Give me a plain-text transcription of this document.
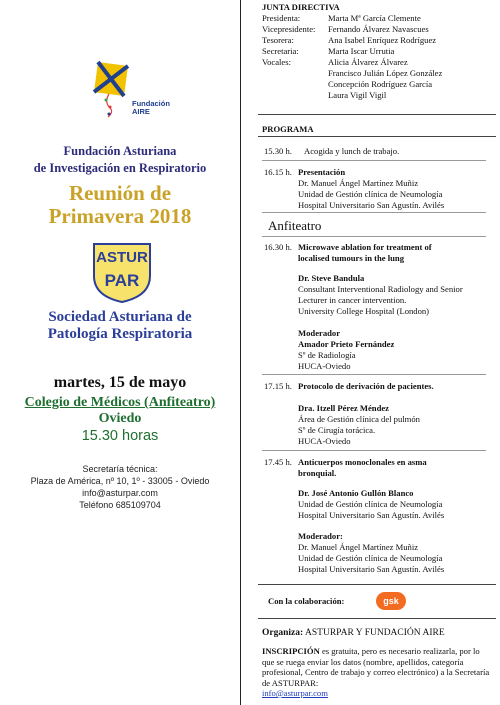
Fundación
AIRE
Fundación Asturiana
de Investigación en Respiratorio
Reunión de
Primavera 2018
ASTUR
PAR
Sociedad Asturiana de
Patología Respiratoria
martes, 15 de mayo
Colegio de Médicos (Anfiteatro)
Oviedo
15.30 horas
Secretaría técnica:
Plaza de América, nº 10, 1º - 33005 - Oviedo
info@asturpar.com
Teléfono 685109704
JUNTA DIRECTIVA
Presidenta:	Marta Mª García Clemente
Vicepresidente: Fernando Álvarez Navascues
Tesorera:	Ana Isabel Enríquez Rodríguez
Secretaria:	Marta Iscar Urrutia
Vocales:	Alicia Álvarez Álvarez
Francisco Julián López González
Concepción Rodríguez García
Laura Vigil Vigil
PROGRAMA
15.30 h. Acogida y lunch de trabajo.
16.15 h. Presentación
Dr. Manuel Ángel Martínez Muñiz
Unidad de Gestión clínica de Neumología
Hospital Universitario San Agustín. Avilés
Anfiteatro
16.30 h. Microwave ablation for treatment of
localised tumours in the lung
Dr. Steve Bandula
Consultant Interventional Radiology and Senior
Lecturer in cancer intervention.
University College Hospital (London)
Moderador
Amador Prieto Fernández
Sº de Radiología
HUCA-Oviedo
17.15 h. Protocolo de derivación de pacientes.
Dra. Itzell Pérez Méndez
Área de Gestión clínica del pulmón
Sº de Cirugía torácica.
HUCA-Oviedo
17.45 h. Anticuerpos monoclonales en asma
bronquial.
Dr. José Antonio Gullón Blanco
Unidad de Gestión clínica de Neumología
Hospital Universitario San Agustín. Avilés
Moderador:
Dr. Manuel Ángel Martínez Muñiz
Unidad de Gestión clínica de Neumología
Hospital Universitario San Agustín. Avilés
Con la colaboración:	gsk
Organiza: ASTURPAR Y FUNDACIÓN AIRE
INSCRIPCIÓN es gratuita, pero es necesario realizarla, por lo que se ruega enviar los datos (nombre, apellidos, categoría profesional, Centro de trabajo y correo electrónico) a la Secretaría de ASTURPAR:
info@asturpar.com
